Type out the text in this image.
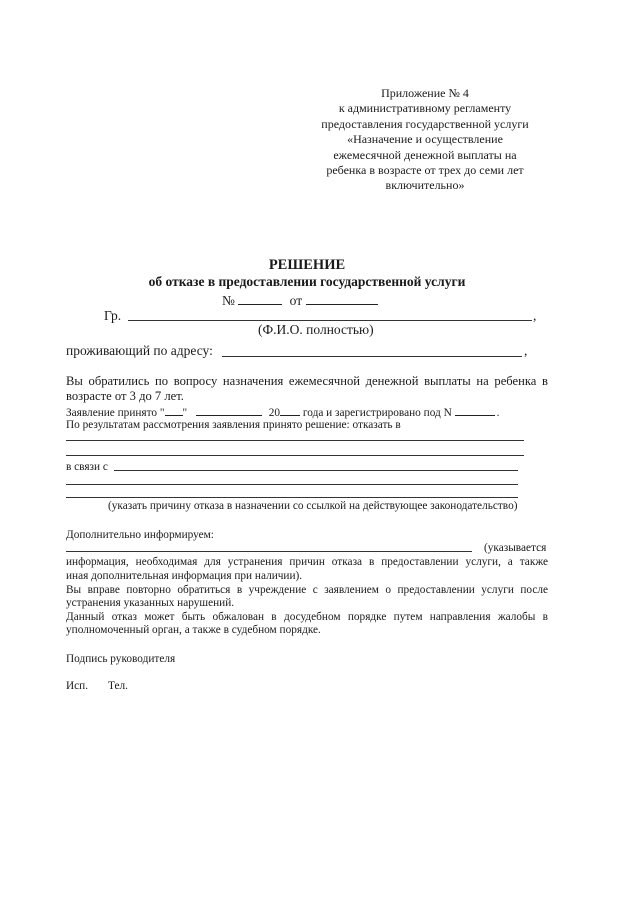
Приложение № 4
к административному регламенту
предоставления государственной услуги
«Назначение и осуществление
ежемесячной денежной выплаты на
ребенка в возрасте от трех до семи лет
включительно»
РЕШЕНИЕ
об отказе в предоставлении государственной услуги
№	от
Гр.	,
(Ф.И.О. полностью)
проживающий по адресу:	,
Вы обратились по вопросу назначения ежемесячной денежной выплаты на ребенка в
возрасте от 3 до 7 лет.
Заявление принято " "	20 года и зарегистрировано под N	.
По результатам рассмотрения заявления принято решение: отказать в
в связи с
(указать причину отказа в назначении со ссылкой на действующее законодательство)
Дополнительно информируем:
(указывается
информация, необходимая для устранения причин отказа в предоставлении услуги, а также
иная дополнительная информация при наличии).
Вы вправе повторно обратиться в учреждение с заявлением о предоставлении услуги после
устранения указанных нарушений.
Данный отказ может быть обжалован в досудебном порядке путем направления жалобы в
уполномоченный орган, а также в судебном порядке.
Подпись руководителя
Исп. Тел.
